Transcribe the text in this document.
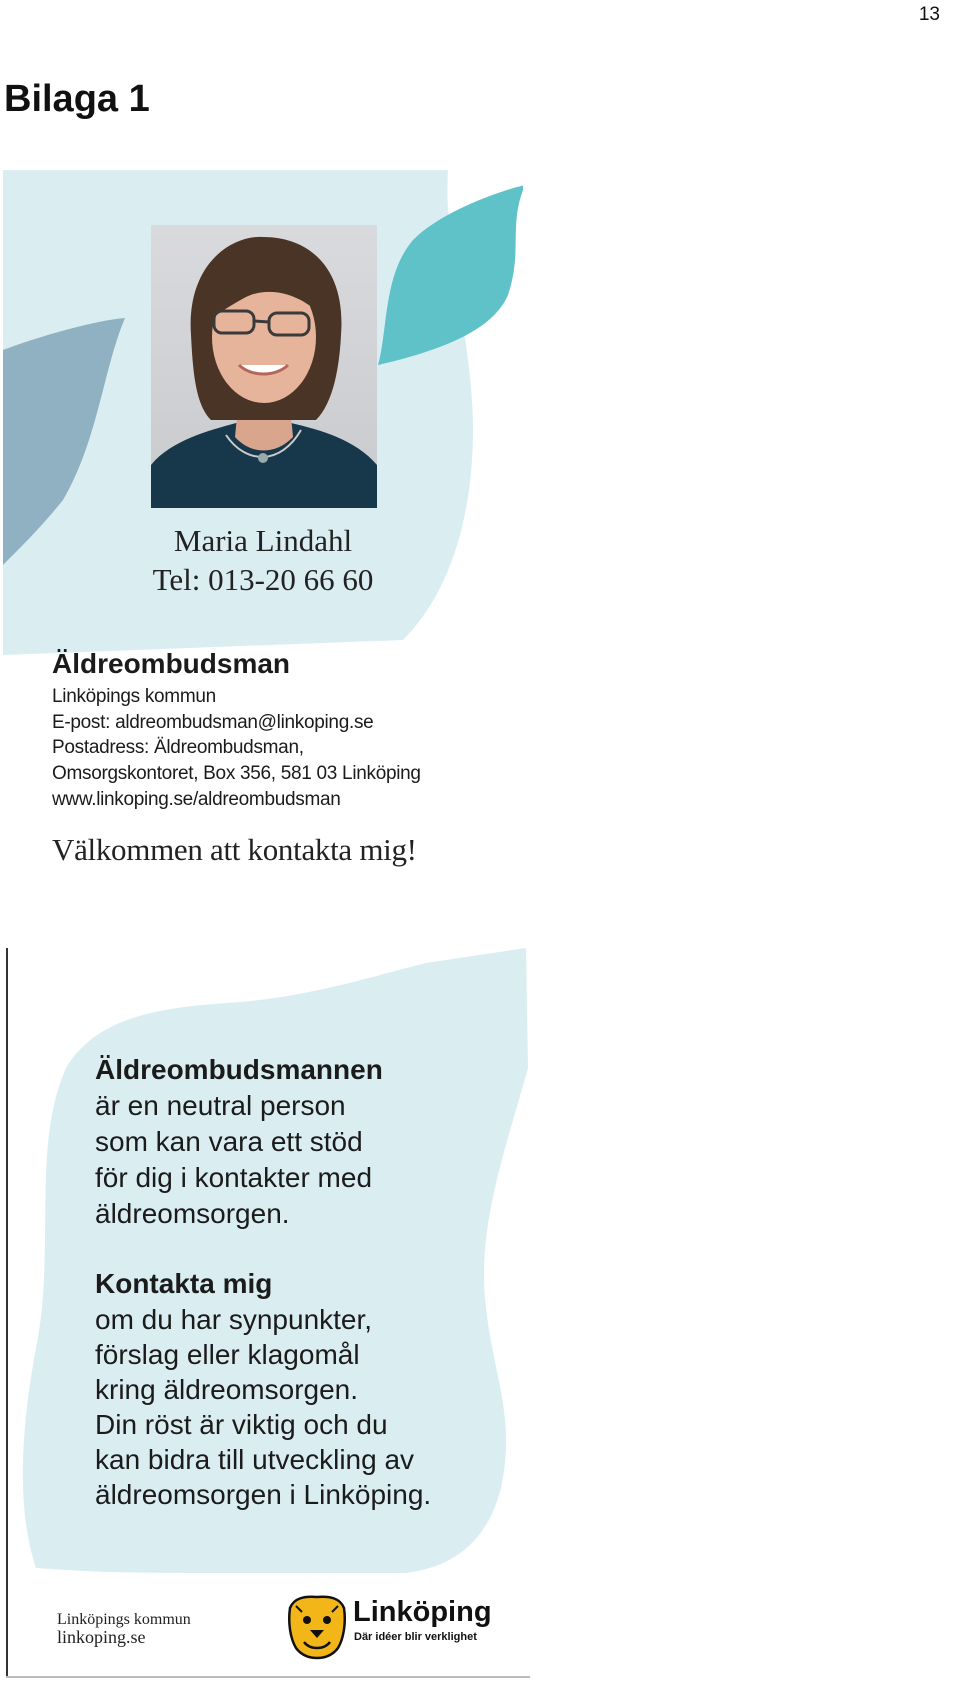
13
Bilaga 1
Maria Lindahl
Tel: 013-20 66 60
Äldreombudsman
Linköpings kommun
E-post: aldreombudsman@linkoping.se
Postadress: Äldreombudsman,
Omsorgskontoret, Box 356, 581 03 Linköping
www.linkoping.se/aldreombudsman
Välkommen att kontakta mig!
Äldreombudsmannen
är en neutral person
som kan vara ett stöd
för dig i kontakter med
äldreomsorgen.
Kontakta mig
om du har synpunkter,
förslag eller klagomål
kring äldreomsorgen.
Din röst är viktig och du
kan bidra till utveckling av
äldreomsorgen i Linköping.
Linköpings kommun
linkoping.se
Linköping
Där idéer blir verklighet
